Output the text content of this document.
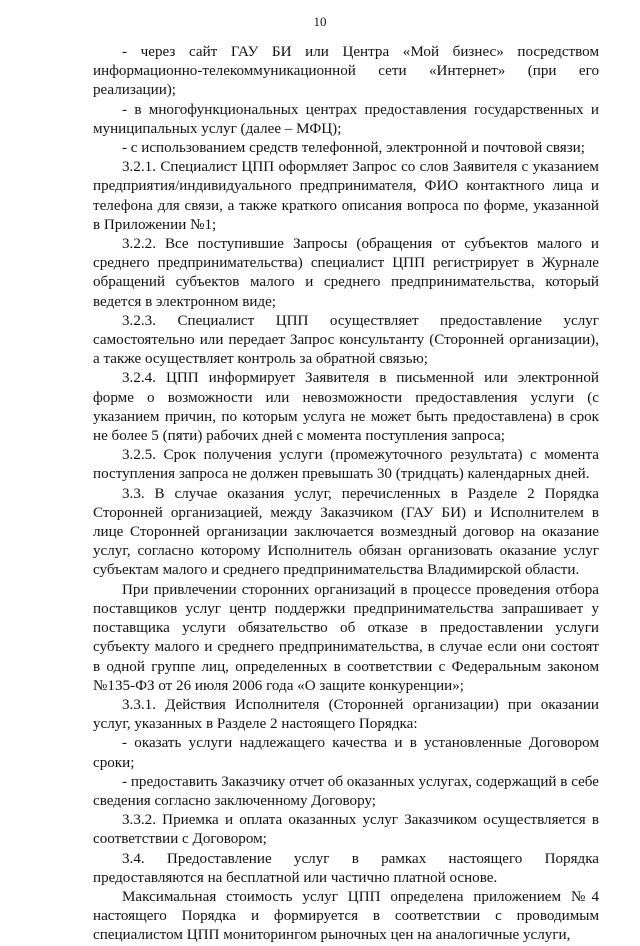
10

- через сайт ГАУ БИ или Центра «Мой бизнес» посредством информационно-телекоммуникационной сети «Интернет» (при его реализации);

- в многофункциональных центрах предоставления государственных и муниципальных услуг (далее – МФЦ);

- с использованием средств телефонной, электронной и почтовой связи;

3.2.1. Специалист ЦПП оформляет Запрос со слов Заявителя с указанием предприятия/индивидуального предпринимателя, ФИО контактного лица и телефона для связи, а также краткого описания вопроса по форме, указанной в Приложении №1;

3.2.2. Все поступившие Запросы (обращения от субъектов малого и среднего предпринимательства) специалист ЦПП регистрирует в Журнале обращений субъектов малого и среднего предпринимательства, который ведется в электронном виде;

3.2.3. Специалист ЦПП осуществляет предоставление услуг самостоятельно или передает Запрос консультанту (Сторонней организации), а также осуществляет контроль за обратной связью;

3.2.4. ЦПП информирует Заявителя в письменной или электронной форме о возможности или невозможности предоставления услуги (с указанием причин, по которым услуга не может быть предоставлена) в срок не более 5 (пяти) рабочих дней с момента поступления запроса;

3.2.5. Срок получения услуги (промежуточного результата) с момента поступления запроса не должен превышать 30 (тридцать) календарных дней.

3.3. В случае оказания услуг, перечисленных в Разделе 2 Порядка Сторонней организацией, между Заказчиком (ГАУ БИ) и Исполнителем в лице Сторонней организации заключается возмездный договор на оказание услуг, согласно которому Исполнитель обязан организовать оказание услуг субъектам малого и среднего предпринимательства Владимирской области.

При привлечении сторонних организаций в процессе проведения отбора поставщиков услуг центр поддержки предпринимательства запрашивает у поставщика услуги обязательство об отказе в предоставлении услуги субъекту малого и среднего предпринимательства, в случае если они состоят в одной группе лиц, определенных в соответствии с Федеральным законом №135-ФЗ от 26 июля 2006 года «О защите конкуренции»;

3.3.1. Действия Исполнителя (Сторонней организации) при оказании услуг, указанных в Разделе 2 настоящего Порядка:

- оказать услуги надлежащего качества и в установленные Договором сроки;

- предоставить Заказчику отчет об оказанных услугах, содержащий в себе сведения согласно заключенному Договору;

3.3.2. Приемка и оплата оказанных услуг Заказчиком осуществляется в соответствии с Договором;

3.4. Предоставление услуг в рамках настоящего Порядка предоставляются на бесплатной или частично платной основе.

Максимальная стоимость услуг ЦПП определена приложением №4 настоящего Порядка и формируется в соответствии с проводимым специалистом ЦПП мониторингом рыночных цен на аналогичные услуги,
